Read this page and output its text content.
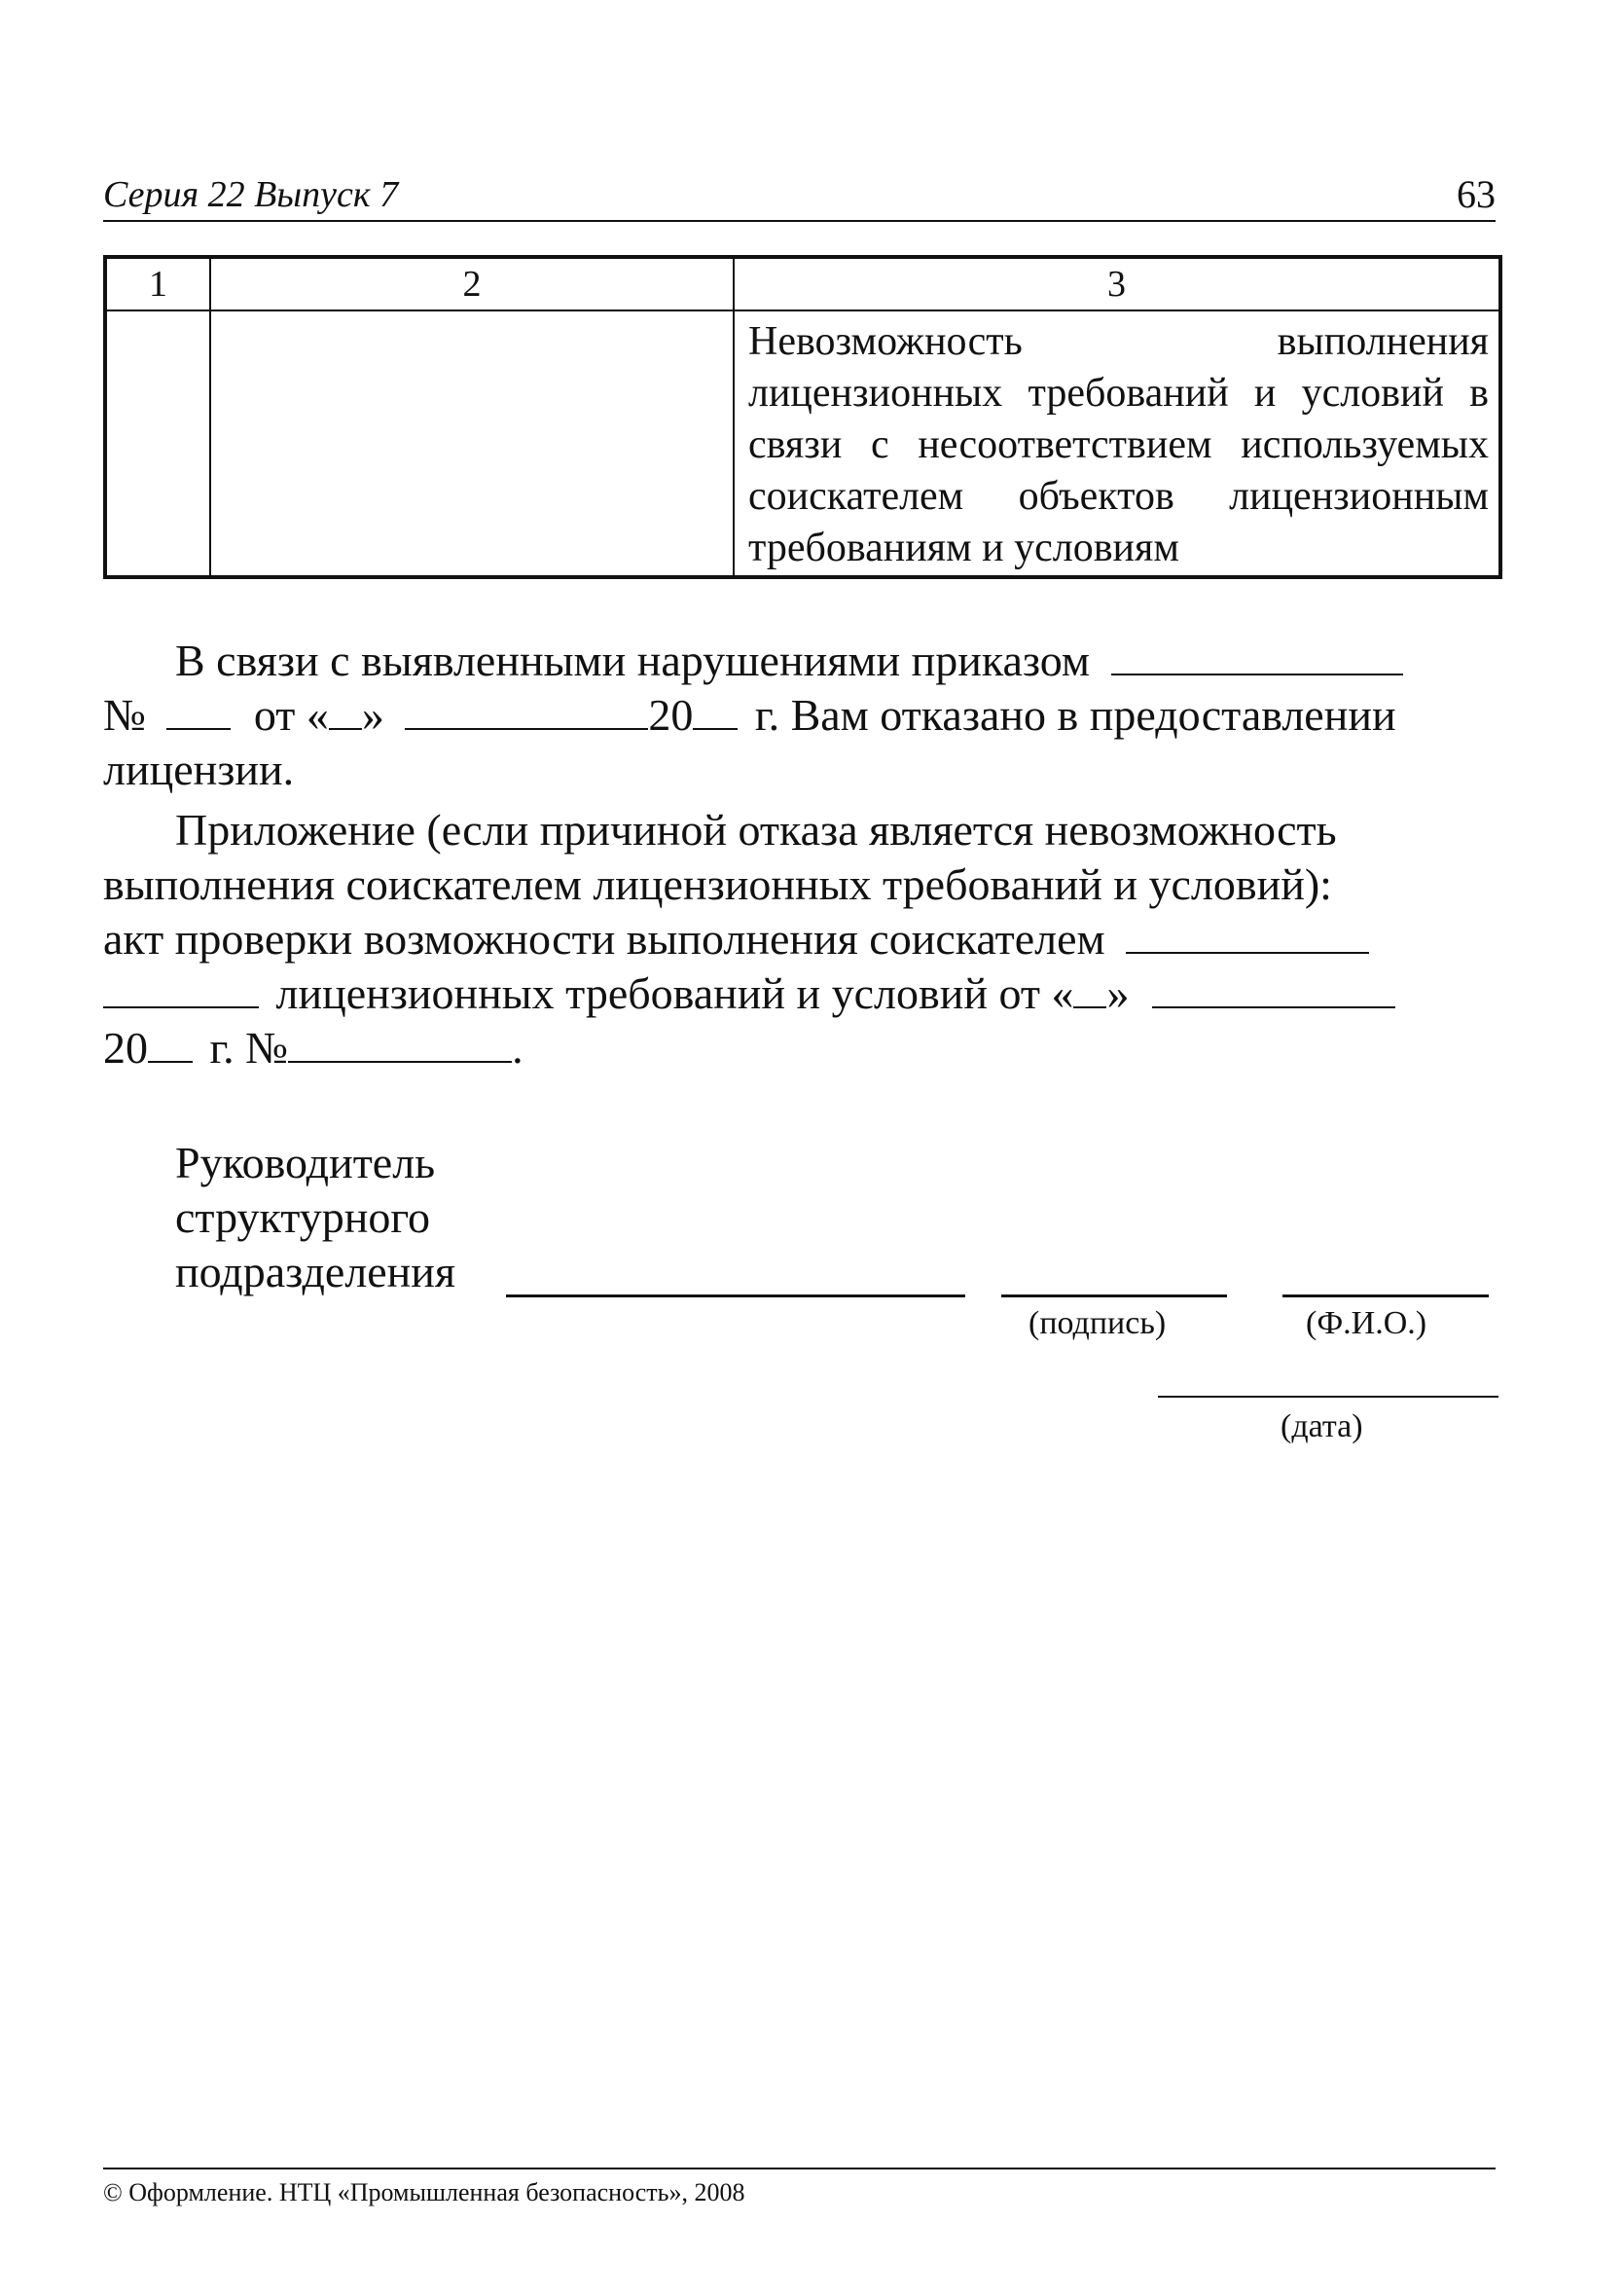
Серия 22 Выпуск 7	63
1	2	3
		Невозможность выполнения лицензионных требований и условий в связи с несоответствием используемых соискателем объектов лицензионным требованиям и условиям
В связи с выявленными нарушениями приказом
№ от « »	20 г. Вам отказано в предоставлении
лицензии.
Приложение (если причиной отказа является невозможность
выполнения соискателем лицензионных требований и условий):
акт проверки возможности выполнения соискателем
лицензионных требований и условий от « »
20 г. №	.
Руководитель
структурного
подразделения
(подпись)	(Ф.И.О.)
(дата)
© Оформление. НТЦ «Промышленная безопасность», 2008
